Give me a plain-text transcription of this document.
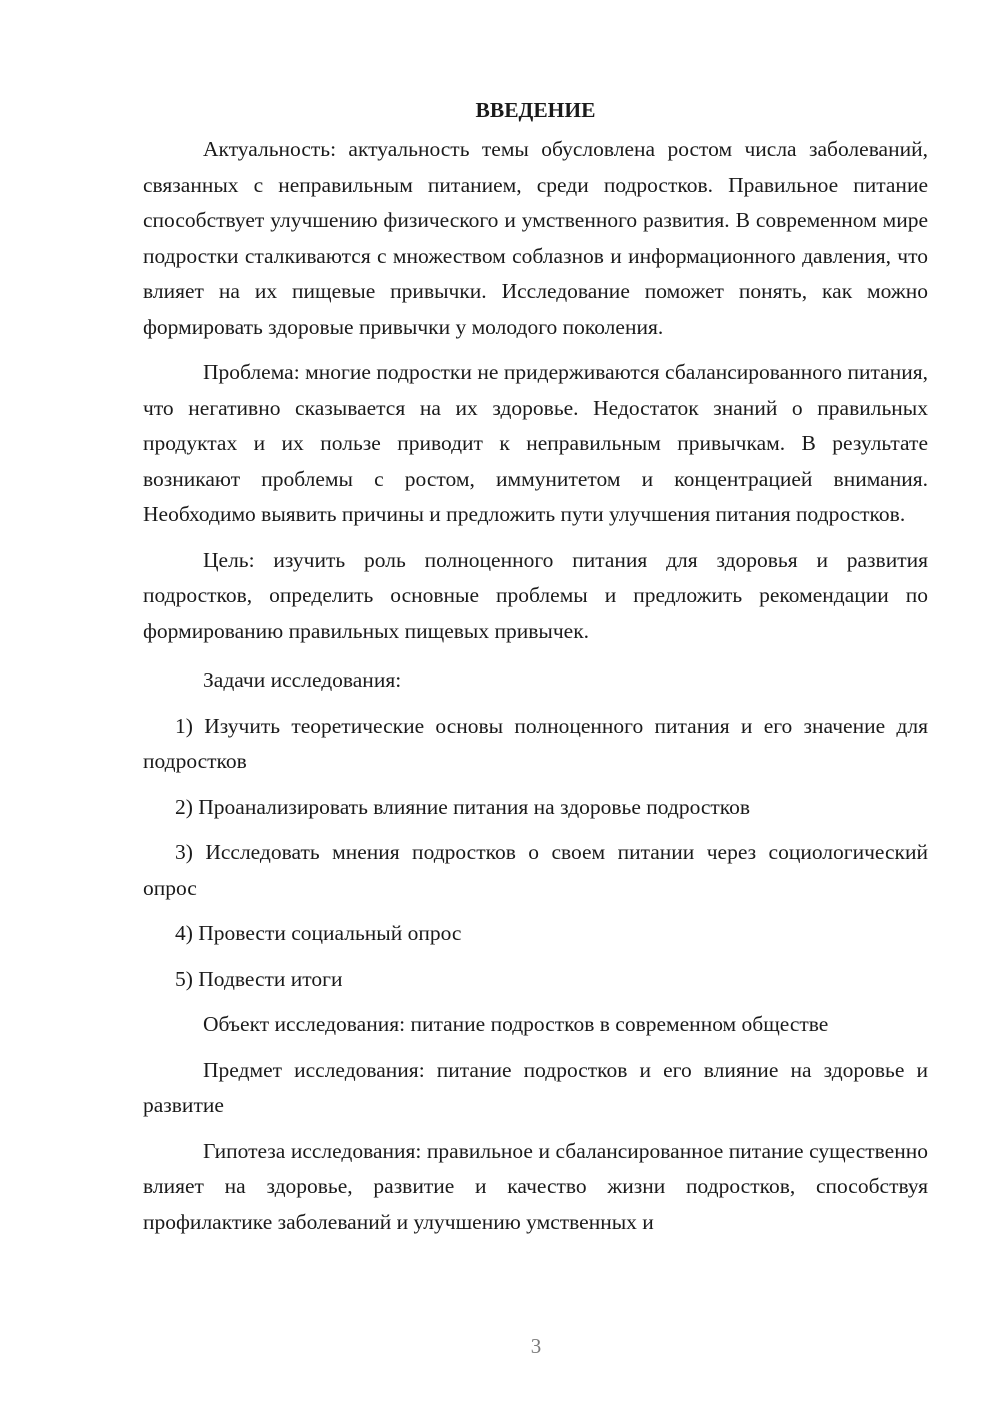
ВВЕДЕНИЕ

Актуальность: актуальность темы обусловлена ростом числа заболеваний, связанных с неправильным питанием, среди подростков. Правильное питание способствует улучшению физического и умственного развития. В современном мире подростки сталкиваются с множеством соблазнов и информационного давления, что влияет на их пищевые привычки. Исследование поможет понять, как можно формировать здоровые привычки у молодого поколения.

Проблема: многие подростки не придерживаются сбалансированного питания, что негативно сказывается на их здоровье. Недостаток знаний о правильных продуктах и их пользе приводит к неправильным привычкам. В результате возникают проблемы с ростом, иммунитетом и концентрацией внимания. Необходимо выявить причины и предложить пути улучшения питания подростков.

Цель: изучить роль полноценного питания для здоровья и развития подростков, определить основные проблемы и предложить рекомендации по формированию правильных пищевых привычек.

Задачи исследования:

1) Изучить теоретические основы полноценного питания и его значение для подростков

2) Проанализировать влияние питания на здоровье подростков

3) Исследовать мнения подростков о своем питании через социологический опрос

4) Провести социальный опрос

5) Подвести итоги

Объект исследования: питание подростков в современном обществе

Предмет исследования: питание подростков и его влияние на здоровье и развитие

Гипотеза исследования: правильное и сбалансированное питание существенно влияет на здоровье, развитие и качество жизни подростков, способствуя профилактике заболеваний и улучшению умственных и

3
